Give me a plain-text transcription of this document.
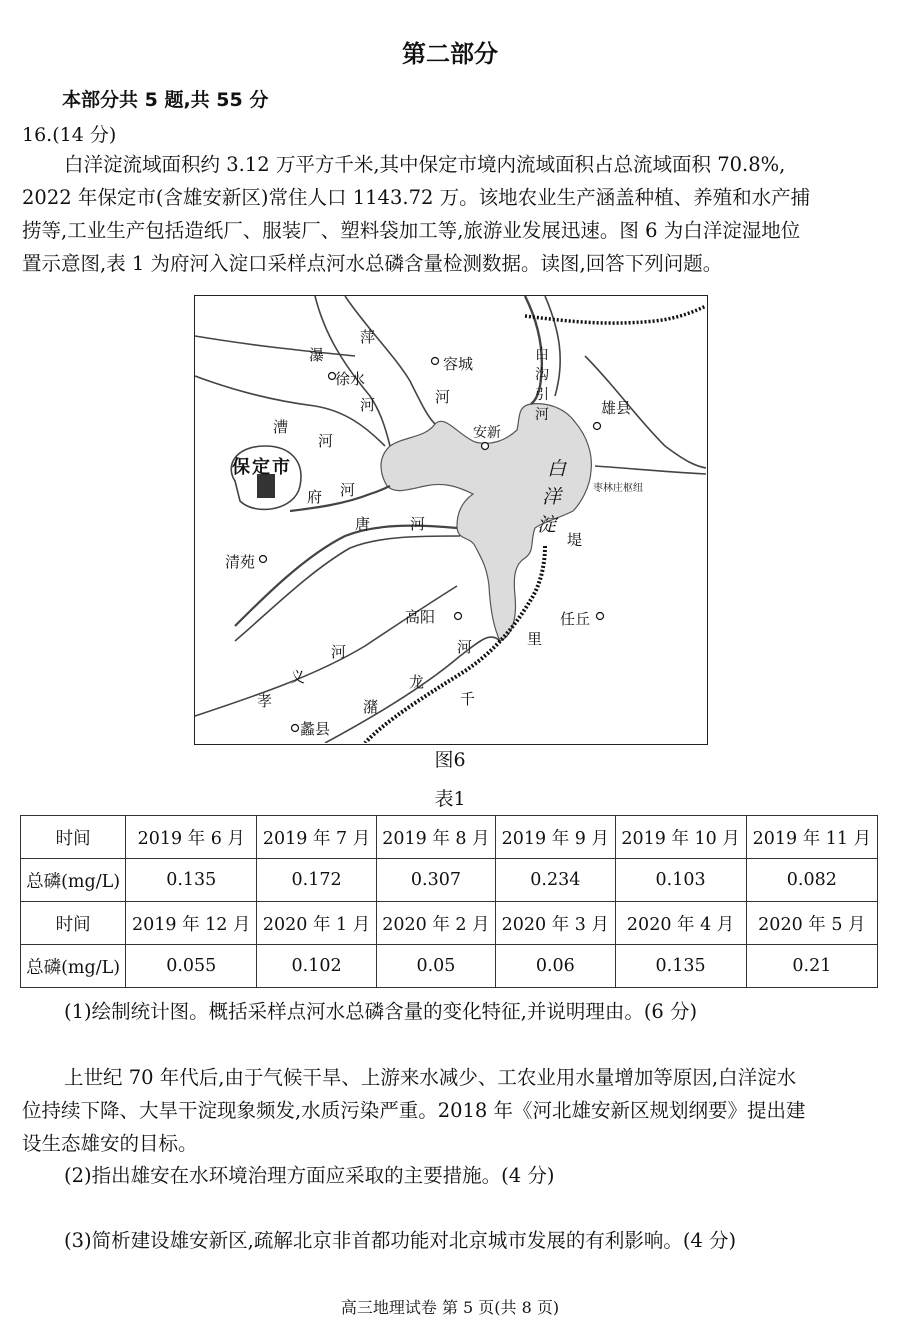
第二部分
本部分共 5 题,共 55 分
16.(14 分)
白洋淀流域面积约 3.12 万平方千米,其中保定市境内流域面积占总流域面积 70.8%,
2022 年保定市(含雄安新区)常住人口 1143.72 万。该地农业生产涵盖种植、养殖和水产捕
捞等,工业生产包括造纸厂、服装厂、塑料袋加工等,旅游业发展迅速。图 6 为白洋淀湿地位
置示意图,表 1 为府河入淀口采样点河水总磷含量检测数据。读图,回答下列问题。
徐水
容城
安新
雄县
保定市
清苑
高阳	任丘
蠡县
枣林庄枢纽
白
洋
淀
瀑
萍
河	河
漕
河
府 河
唐	河
白
沟
引
河
义
河
孝	潴
龙
河
堤
里
千
图6
表1
时间	2019 年 6 月	2019 年 7 月	2019 年 8 月	2019 年 9 月	2019 年 10 月	2019 年 11 月
总磷(mg/L)	0.135	0.172	0.307	0.234	0.103	0.082
时间	2019 年 12 月	2020 年 1 月	2020 年 2 月	2020 年 3 月	2020 年 4 月	2020 年 5 月
总磷(mg/L)	0.055	0.102	0.05	0.06	0.135	0.21
(1)绘制统计图。概括采样点河水总磷含量的变化特征,并说明理由。(6 分)
上世纪 70 年代后,由于气候干旱、上游来水减少、工农业用水量增加等原因,白洋淀水
位持续下降、大旱干淀现象频发,水质污染严重。2018 年《河北雄安新区规划纲要》提出建
设生态雄安的目标。
(2)指出雄安在水环境治理方面应采取的主要措施。(4 分)
(3)简析建设雄安新区,疏解北京非首都功能对北京城市发展的有利影响。(4 分)
高三地理试卷 第 5 页(共 8 页)
